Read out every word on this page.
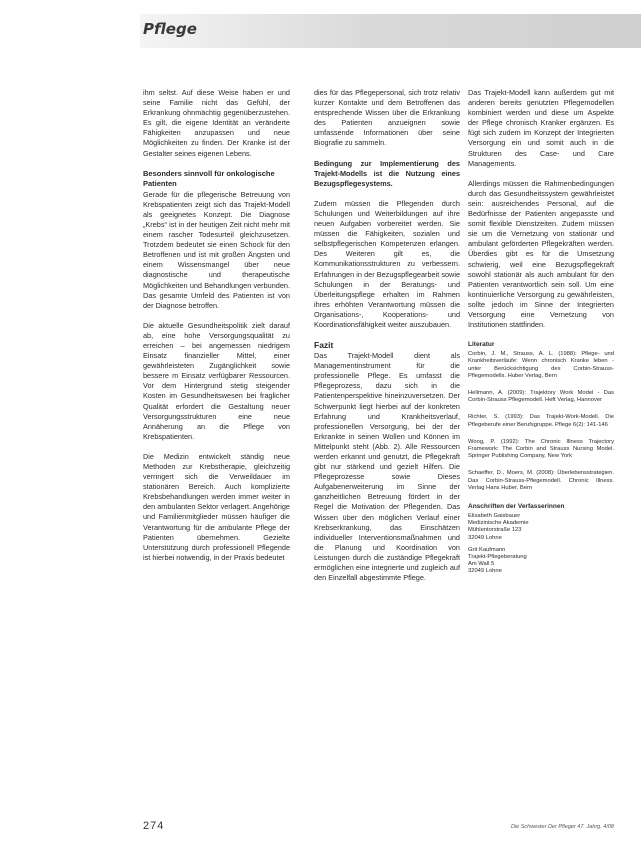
Pflege

ihm seltst. Auf diese Weise haben er und seine Familie nicht das Gefühl, der Erkrankung ohnmächtig gegenüberzustehen. Es gilt, die eigene Identität an veränderte Fähigkeiten anzupassen und neue Möglichkeiten zu finden. Der Kranke ist der Gestalter seines eigenen Lebens.

Besonders sinnvoll für onkologische Patienten

Gerade für die pflegerische Betreuung von Krebspatienten zeigt sich das Trajekt-Modell als geeignetes Konzept. Die Diagnose „Krebs“ ist in der heutigen Zeit nicht mehr mit einem rascher Todesurteil gleichzusetzen. Trotzdem bedeutet sie einen Schock für den Betroffenen und ist mit großen Ängsten und einem Wissensmangel über neue diagnostische und therapeutische Möglichkeiten und Behandlungen verbunden. Das gesamte Umfeld des Patienten ist von der Diagnose betroffen.

Die aktuelle Gesundheitspolitik zielt darauf ab, eine hohe Versorgungsqualität zu erreichen – bei angemessen niedrigem Einsatz finanzieller Mittel, einer gewährleisteten Zugänglichkeit sowie bessere m Einsatz verfügbarer Ressourcen. Vor dem Hintergrund stetig steigender Kosten im Gesundheitswesen bei fraglicher Qualität erfordert die Gestaltung neuer Versorgungsstrukturen eine neue Annäherung an die Pflege von Krebspatienten.

Die Medizin entwickelt ständig neue Methoden zur Krebstherapie, gleichzeitig verringert sich die Verweildauer im stationären Bereich. Auch komplizierte Krebsbehandlungen werden immer weiter in den ambulanten Sektor verlagert. Angehörige und Familienmitglieder müssen häufiger die Verantwortung für die ambulante Pflege der Patienten übernehmen. Gezielte Unterstützung durch professionell Pflegende ist hierbei notwendig, in der Praxis bedeutet

dies für das Pflegepersonal, sich trotz relativ kurzer Kontakte und dem Betroffenen das entsprechende Wissen über die Erkrankung des Patienten anzueignen sowie umfassende Informationen über seine Biografie zu sammeln.

Bedingung zur Implementierung des Trajekt-Modells ist die Nutzung eines Bezugspflegesystems.

Zudem müssen die Pflegenden durch Schulungen und Weiterbildungen auf ihre neuen Aufgaben vorbereitet werden. Sie müssen die Fähigkeiten, sozialen und selbstpflegerischen Kompetenzen erlangen. Des Weiteren gilt es, die Kommunikationsstrukturen zu verbessern. Erfahrungen in der Bezugspflegearbeit sowie Schulungen in der Beratungs- und Überleitungspflege erhalten im Rahmen ihres erhöhten Verantwortung müssen die Organisations-, Kooperations- und Koordinationsfähigkeit weiter auszubauen.

Fazit

Das Trajekt-Modell dient als Managementinstrument für die professionelle Pflege. Es umfasst die Pflegeprozess, dazu sich in die Patientenperspektive hineinzuversetzen. Der Schwerpunkt liegt hierbei auf der konkreten Erfahrung und Krankheitsverlauf, professionellen Versorgung, bei der der Erkrankte in seinen Wollen und Können im Mittelpunkt steht (Abb. 2). Alle Ressourcen werden erkannt und genutzt, die Pflegekraft gibt nur stärkend und gezielt Hilfen. Die Pflegeprozesse sowie Dieses Aufgabenerweiterung im Sinne der ganzheitlichen Betreuung fördert in der Regel die Motivation der Pflegenden. Das Wissen über den möglichen Verlauf einer Krebserkrankung, das Einschätzen individueller Interventionsmaßnahmen und die Planung und Koordination von Leistungen durch die zuständige Pflegekraft ermöglichen eine integrierte und zugleich auf den Einzelfall abgestimmte Pflege.

Das Trajekt-Modell kann außerdem gut mit anderen bereits genutzten Pflegemodellen kombiniert werden und diese um Aspekte der Pflege chronisch Kranker ergänzen. Es fügt sich zudem im Konzept der Integrierten Versorgung ein und somit auch in die Strukturen des Case- und Care Managements.

Allerdings müssen die Rahmenbedingungen durch das Gesundheitssystem gewährleistet sein: ausreichendes Personal, auf die Bedürfnisse der Patienten angepasste und somit flexible Dienstzeiten. Zudem müssen sie um die Vernetzung von stationär und ambulant geförderten Pflegekräften werden. Überdies gibt es für die Umsetzung schwierig, weil eine Bezugspflegekraft sowohl stationär als auch ambulant für den Patienten verantwortlich sein soll. Um eine kontinuierliche Versorgung zu gewährleisten, sollte jedoch im Sinne der Integrierten Versorgung eine Vernetzung von Institutionen stattfinden.

Literatur

Corbin, J. M., Strauss, A. L. (1988): Pflege- und Krankheitsverläufe: Wenn chronisch Kranke leben - unter Berücksichtigung des Corbin-Strauss-Pflegemodells. Huber Verlag, Bern

Hellmann, A. (2009): Trajektory Work Model - Das Corbin-Strauss Pflegemodell. Heft Verlag, Hannover

Richter, S. (1993): Das Trajekt-Work-Modell. Die Pflegeberufe einer Berufsgruppe. Pflege 6(2): 141-146

Woog, P. (1992): The Chronic Illness Trajectory Framework: The Corbin and Strauss Nursing Model. Springer Publishing Company, New York

Schaeffer, D., Moers, M. (2008): Überlebensstrategien. Das Corbin-Strauss-Pflegemodell. Chronic Illness. Verlag Hans Huber, Bern

Anschriften der Verfasserinnen

Elisabeth Gaisbauer
Medizinische Akademie
Mühlentorstraße 123
32049 Lohne

Grit Kaufmann
Trajekt-Pflegeberatung
Am Wall 5
32049 Lohne

274	Die Schwester Der Pfleger 47. Jahrg. 4/08
